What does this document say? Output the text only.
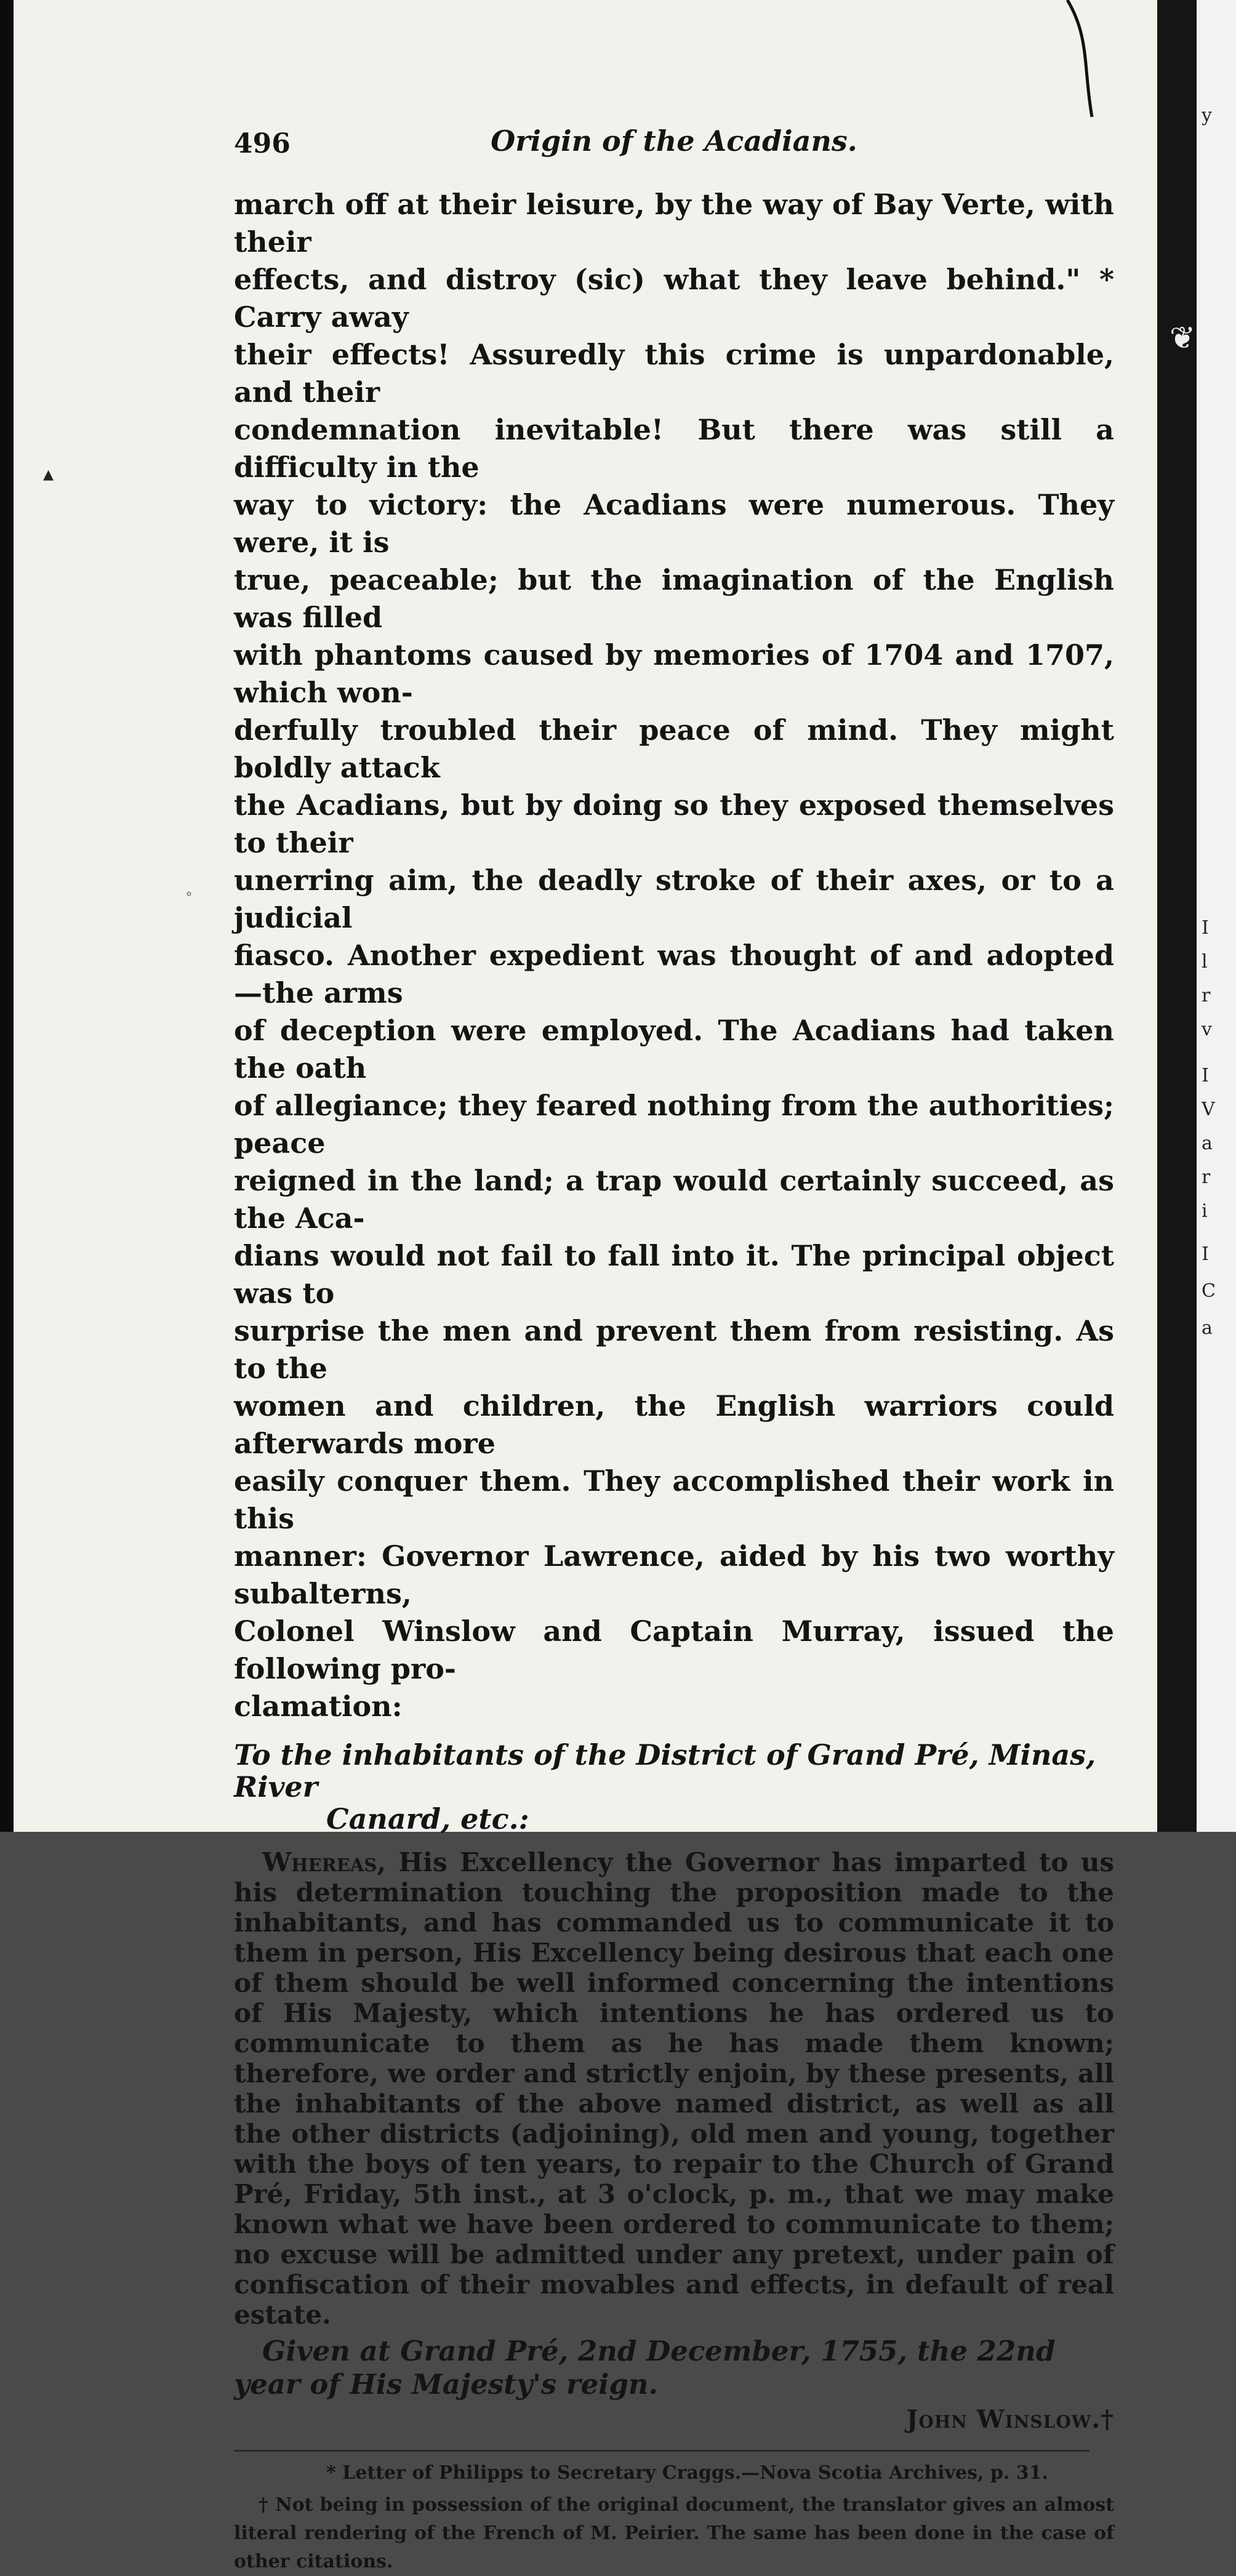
y
I
l
r
v
I
V
a
r
i
I
C
a
❦
▴
∘
496	Origin of the Acadians.

march off at their leisure, by the way of Bay Verte, with their

effects, and distroy (sic) what they leave behind." * Carry away

their effects! Assuredly this crime is unpardonable, and their

condemnation inevitable! But there was still a difficulty in the

way to victory: the Acadians were numerous. They were, it is

true, peaceable; but the imagination of the English was filled

with phantoms caused by memories of 1704 and 1707, which won-

derfully troubled their peace of mind. They might boldly attack

the Acadians, but by doing so they exposed themselves to their

unerring aim, the deadly stroke of their axes, or to a judicial

fiasco. Another expedient was thought of and adopted—the arms

of deception were employed. The Acadians had taken the oath

of allegiance; they feared nothing from the authorities; peace

reigned in the land; a trap would certainly succeed, as the Aca-

dians would not fail to fall into it. The principal object was to

surprise the men and prevent them from resisting. As to the

women and children, the English warriors could afterwards more

easily conquer them. They accomplished their work in this

manner: Governor Lawrence, aided by his two worthy subalterns,

Colonel Winslow and Captain Murray, issued the following pro-

clamation:

To the inhabitants of the District of Grand Pré, Minas, River
Canard, etc.:

Whereas, His Excellency the Governor has imparted to us his determination touching the proposition made to the inhabitants, and has commanded us to communicate it to them in person, His Excellency being desirous that each one of them should be well informed concerning the intentions of His Majesty, which intentions he has ordered us to communicate to them as he has made them known; therefore, we order and strictly enjoin, by these presents, all the inhabitants of the above named district, as well as all the other districts (adjoining), old men and young, together with the boys of ten years, to repair to the Church of Grand Pré, Friday, 5th inst., at 3 o'clock, p. m., that we may make known what we have been ordered to communicate to them; no excuse will be admitted under any pretext, under pain of confiscation of their movables and effects, in default of real estate.

Given at Grand Pré, 2nd December, 1755, the 22nd year of His Majesty's reign.

John Winslow.†

* Letter of Philipps to Secretary Craggs.—Nova Scotia Archives, p. 31.

† Not being in possession of the original document, the translator gives an almost literal rendering of the French of M. Peirier. The same has been done in the case of other citations.
